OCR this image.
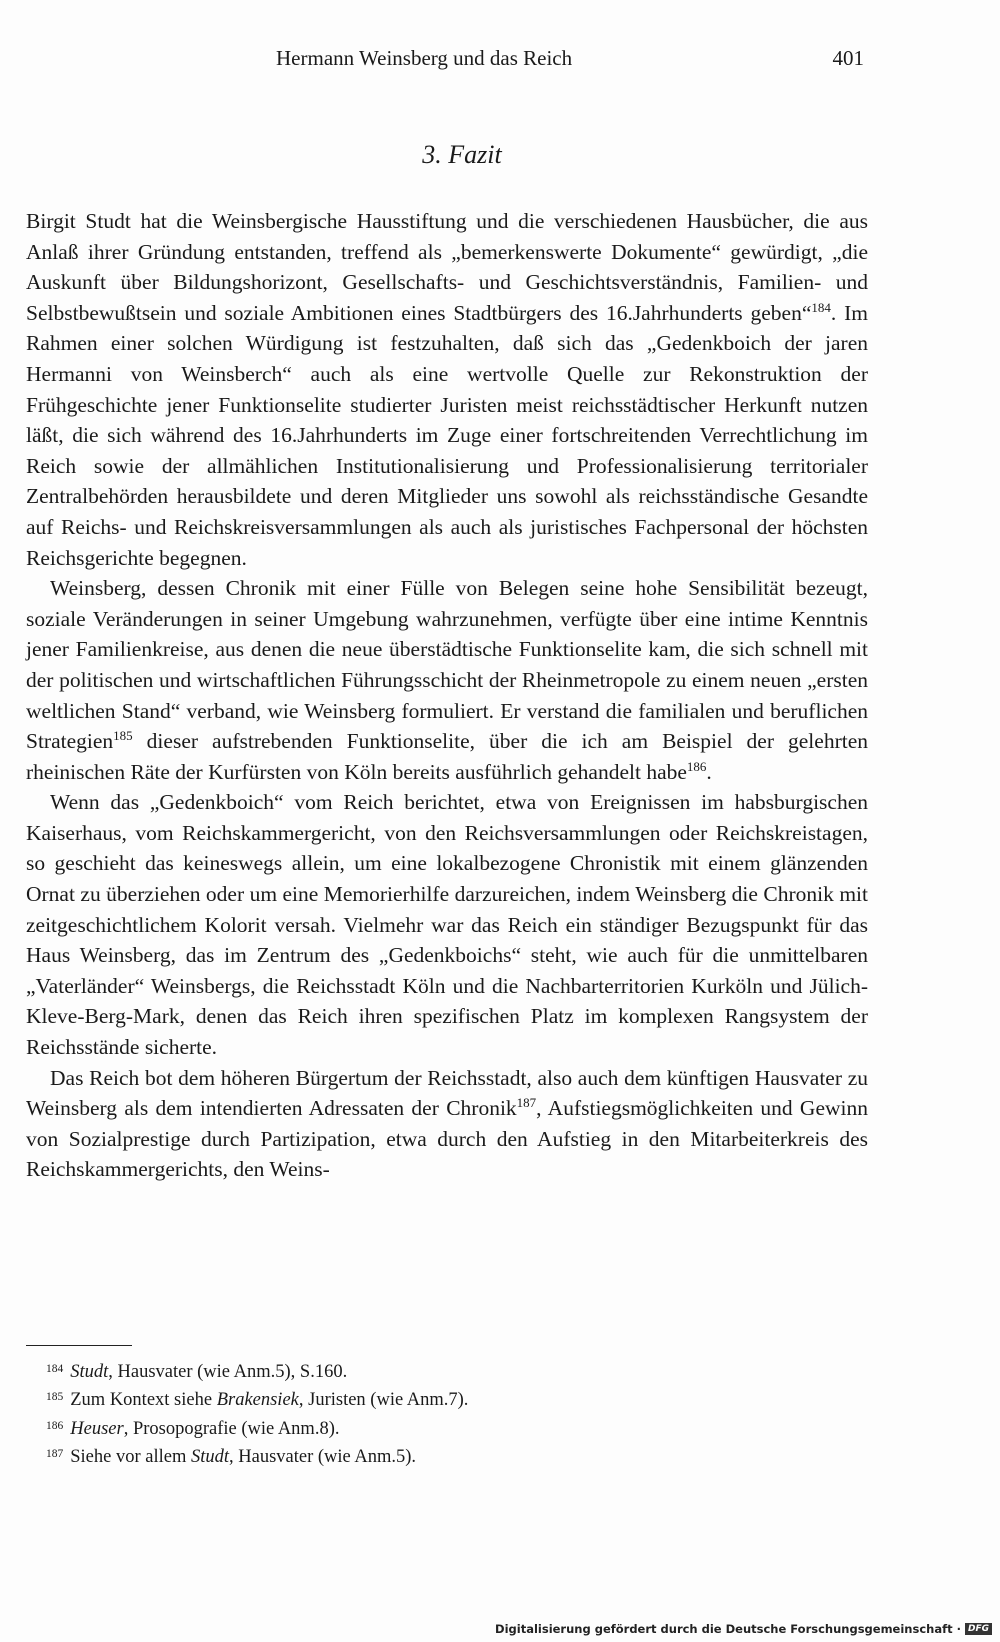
Hermann Weinsberg und das Reich	401
3. Fazit

Birgit Studt hat die Weinsbergische Hausstiftung und die verschiedenen Hausbücher, die aus Anlaß ihrer Gründung entstanden, treffend als „bemerkenswerte Dokumente“ gewürdigt, „die Auskunft über Bildungshorizont, Gesellschafts- und Geschichtsverständnis, Familien- und Selbstbewußtsein und soziale Ambitionen eines Stadtbürgers des 16.Jahrhunderts geben“$^{184}$. Im Rahmen einer solchen Würdigung ist festzuhalten, daß sich das „Gedenkboich der jaren Hermanni von Weinsberch“ auch als eine wertvolle Quelle zur Rekonstruktion der Frühgeschichte jener Funktionselite studierter Juristen meist reichsstädtischer Herkunft nutzen läßt, die sich während des 16.Jahrhunderts im Zuge einer fortschreitenden Verrechtlichung im Reich sowie der allmählichen Institutionalisierung und Professionalisierung territorialer Zentralbehörden herausbildete und deren Mitglieder uns sowohl als reichsständische Gesandte auf Reichs- und Reichskreisversammlungen als auch als juristisches Fachpersonal der höchsten Reichsgerichte begegnen.

Weinsberg, dessen Chronik mit einer Fülle von Belegen seine hohe Sensibilität bezeugt, soziale Veränderungen in seiner Umgebung wahrzunehmen, verfügte über eine intime Kenntnis jener Familienkreise, aus denen die neue überstädtische Funktionselite kam, die sich schnell mit der politischen und wirtschaftlichen Führungsschicht der Rheinmetropole zu einem neuen „ersten weltlichen Stand“ verband, wie Weinsberg formuliert. Er verstand die familialen und beruflichen Strategien$^{185}$ dieser aufstrebenden Funktionselite, über die ich am Beispiel der gelehrten rheinischen Räte der Kurfürsten von Köln bereits ausführlich gehandelt habe$^{186}$.

Wenn das „Gedenkboich“ vom Reich berichtet, etwa von Ereignissen im habsburgischen Kaiserhaus, vom Reichskammergericht, von den Reichsversammlungen oder Reichskreistagen, so geschieht das keineswegs allein, um eine lokalbezogene Chronistik mit einem glänzenden Ornat zu überziehen oder um eine Memorierhilfe darzureichen, indem Weinsberg die Chronik mit zeitgeschichtlichem Kolorit versah. Vielmehr war das Reich ein ständiger Bezugspunkt für das Haus Weinsberg, das im Zentrum des „Gedenkboichs“ steht, wie auch für die unmittelbaren „Vaterländer“ Weinsbergs, die Reichsstadt Köln und die Nachbarterritorien Kurköln und Jülich-Kleve-Berg-Mark, denen das Reich ihren spezifischen Platz im komplexen Rangsystem der Reichsstände sicherte.

Das Reich bot dem höheren Bürgertum der Reichsstadt, also auch dem künftigen Hausvater zu Weinsberg als dem intendierten Adressaten der Chronik$^{187}$, Aufstiegsmöglichkeiten und Gewinn von Sozialprestige durch Partizipation, etwa durch den Aufstieg in den Mitarbeiterkreis des Reichskammergerichts, den Weins-

$^{184}$ Studt, Hausvater (wie Anm.5), S.160.
$^{185}$ Zum Kontext siehe Brakensiek, Juristen (wie Anm.7).
$^{186}$ Heuser, Prosopografie (wie Anm.8).
$^{187}$ Siehe vor allem Studt, Hausvater (wie Anm.5).
Digitalisierung gefördert durch die Deutsche Forschungsgemeinschaft · DFG
